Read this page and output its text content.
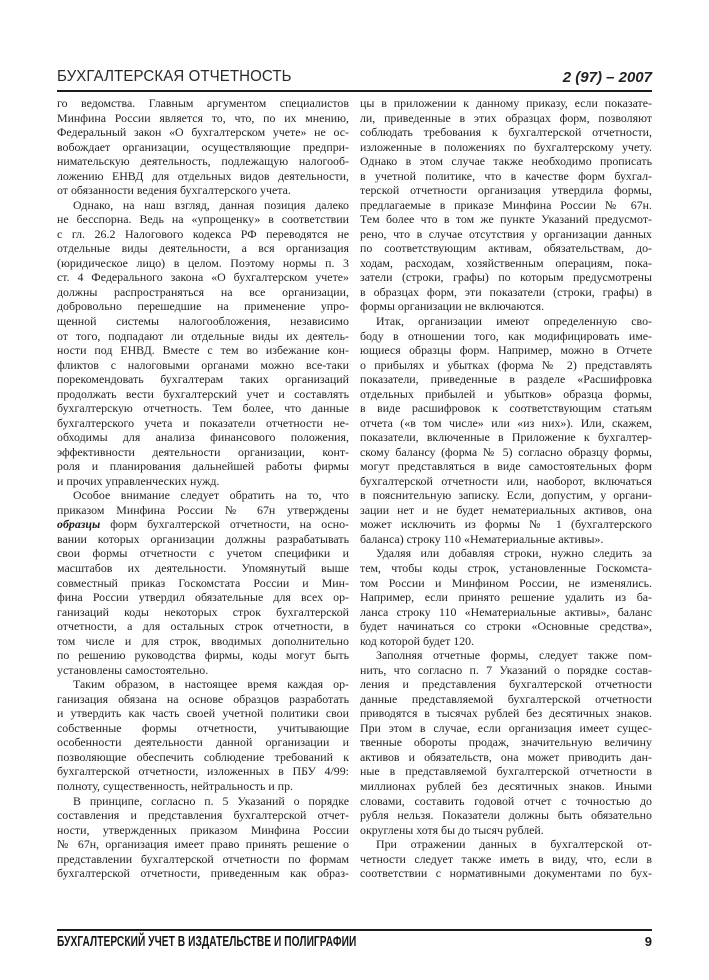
БУХГАЛТЕРСКАЯ ОТЧЕТНОСТЬ	2 (97) – 2007
го ведомства. Главным аргументом специалистов
Минфина России является то, что, по их мнению,
Федеральный закон «О бухгалтерском учете» не ос-
вобождает организации, осуществляющие предпри-
нимательскую деятельность, подлежащую налогооб-
ложению ЕНВД для отдельных видов деятельности,
от обязанности ведения бухгалтерского учета.
Однако, на наш взгляд, данная позиция далеко
не бесспорна. Ведь на «упрощенку» в соответствии
с гл. 26.2 Налогового кодекса РФ переводятся не
отдельные виды деятельности, а вся организация
(юридическое лицо) в целом. Поэтому нормы п. 3
ст. 4 Федерального закона «О бухгалтерском учете»
должны распространяться на все организации,
добровольно перешедшие на применение упро-
щенной системы налогообложения, независимо
от того, подпадают ли отдельные виды их деятель-
ности под ЕНВД. Вместе с тем во избежание кон-
фликтов с налоговыми органами можно все-таки
порекомендовать бухгалтерам таких организаций
продолжать вести бухгалтерский учет и составлять
бухгалтерскую отчетность. Тем более, что данные
бухгалтерского учета и показатели отчетности не-
обходимы для анализа финансового положения,
эффективности деятельности организации, конт-
роля и планирования дальнейшей работы фирмы
и прочих управленческих нужд.
Особое внимание следует обратить на то, что
приказом Минфина России № 67н утверждены
образцы форм бухгалтерской отчетности, на осно-
вании которых организации должны разрабатывать
свои формы отчетности с учетом специфики и
масштабов их деятельности. Упомянутый выше
совместный приказ Госкомстата России и Мин-
фина России утвердил обязательные для всех ор-
ганизаций коды некоторых строк бухгалтерской
отчетности, а для остальных строк отчетности, в
том числе и для строк, вводимых дополнительно
по решению руководства фирмы, коды могут быть
установлены самостоятельно.
Таким образом, в настоящее время каждая ор-
ганизация обязана на основе образцов разработать
и утвердить как часть своей учетной политики свои
собственные формы отчетности, учитывающие
особенности деятельности данной организации и
позволяющие обеспечить соблюдение требований к
бухгалтерской отчетности, изложенных в ПБУ 4/99:
полноту, существенность, нейтральность и пр.
В принципе, согласно п. 5 Указаний о порядке
составления и представления бухгалтерской отчет-
ности, утвержденных приказом Минфина России
№ 67н, организация имеет право принять решение о
представлении бухгалтерской отчетности по формам
бухгалтерской отчетности, приведенным как образ-
цы в приложении к данному приказу, если показате-
ли, приведенные в этих образцах форм, позволяют
соблюдать требования к бухгалтерской отчетности,
изложенные в положениях по бухгалтерскому учету.
Однако в этом случае также необходимо прописать
в учетной политике, что в качестве форм бухгал-
терской отчетности организация утвердила формы,
предлагаемые в приказе Минфина России № 67н.
Тем более что в том же пункте Указаний предусмот-
рено, что в случае отсутствия у организации данных
по соответствующим активам, обязательствам, до-
ходам, расходам, хозяйственным операциям, пока-
затели (строки, графы) по которым предусмотрены
в образцах форм, эти показатели (строки, графы) в
формы организации не включаются.
Итак, организации имеют определенную сво-
боду в отношении того, как модифицировать име-
ющиеся образцы форм. Например, можно в Отчете
о прибылях и убытках (форма № 2) представлять
показатели, приведенные в разделе «Расшифровка
отдельных прибылей и убытков» образца формы,
в виде расшифровок к соответствующим статьям
отчета («в том числе» или «из них»). Или, скажем,
показатели, включенные в Приложение к бухгалтер-
скому балансу (форма № 5) согласно образцу формы,
могут представляться в виде самостоятельных форм
бухгалтерской отчетности или, наоборот, включаться
в пояснительную записку. Если, допустим, у органи-
зации нет и не будет нематериальных активов, она
может исключить из формы № 1 (бухгалтерского
баланса) строку 110 «Нематериальные активы».
Удаляя или добавляя строки, нужно следить за
тем, чтобы коды строк, установленные Госкомста-
том России и Минфином России, не изменялись.
Например, если принято решение удалить из ба-
ланса строку 110 «Нематериальные активы», баланс
будет начинаться со строки «Основные средства»,
код которой будет 120.
Заполняя отчетные формы, следует также пом-
нить, что согласно п. 7 Указаний о порядке состав-
ления и представления бухгалтерской отчетности
данные представляемой бухгалтерской отчетности
приводятся в тысячах рублей без десятичных знаков.
При этом в случае, если организация имеет сущес-
твенные обороты продаж, значительную величину
активов и обязательств, она может приводить дан-
ные в представляемой бухгалтерской отчетности в
миллионах рублей без десятичных знаков. Иными
словами, составить годовой отчет с точностью до
рубля нельзя. Показатели должны быть обязательно
округлены хотя бы до тысяч рублей.
При отражении данных в бухгалтерской от-
четности следует также иметь в виду, что, если в
соответствии с нормативными документами по бух-
БУХГАЛТЕРСКИЙ УЧЕТ В ИЗДАТЕЛЬСТВЕ И ПОЛИГРАФИИ	9
